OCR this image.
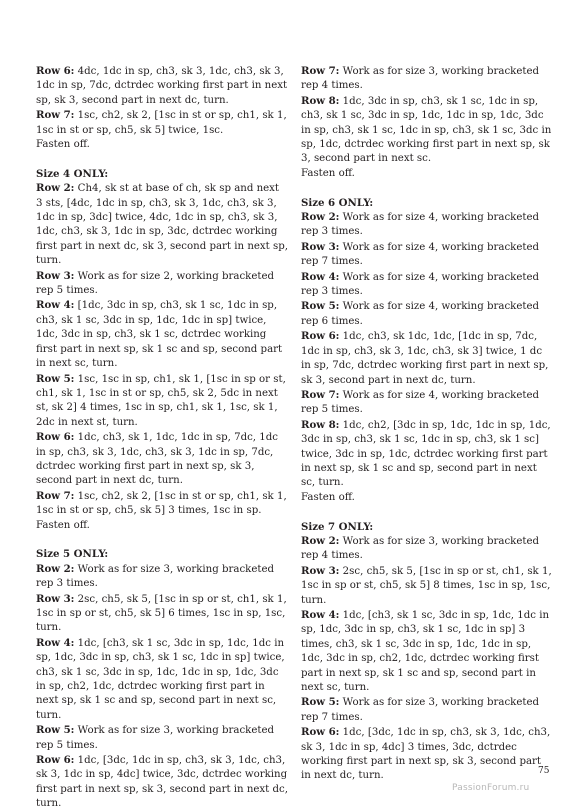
Row 6: 4dc, 1dc in sp, ch3, sk 3, 1dc, ch3, sk 3, 1dc in sp, 7dc, dctrdec working first part in next sp, sk 3, second part in next dc, turn.
Row 7: 1sc, ch2, sk 2, [1sc in st or sp, ch1, sk 1, 1sc in st or sp, ch5, sk 5] twice, 1sc.
Fasten off.
Size 4 ONLY:
Row 2: Ch4, sk st at base of ch, sk sp and next 3 sts, [4dc, 1dc in sp, ch3, sk 3, 1dc, ch3, sk 3, 1dc in sp, 3dc] twice, 4dc, 1dc in sp, ch3, sk 3, 1dc, ch3, sk 3, 1dc in sp, 3dc, dctrdec working first part in next dc, sk 3, second part in next sp, turn.
Row 3: Work as for size 2, working bracketed rep 5 times.
Row 4: [1dc, 3dc in sp, ch3, sk 1 sc, 1dc in sp, ch3, sk 1 sc, 3dc in sp, 1dc, 1dc in sp] twice, 1dc, 3dc in sp, ch3, sk 1 sc, dctrdec working first part in next sp, sk 1 sc and sp, second part in next sc, turn.
Row 5: 1sc, 1sc in sp, ch1, sk 1, [1sc in sp or st, ch1, sk 1, 1sc in st or sp, ch5, sk 2, 5dc in next st, sk 2] 4 times, 1sc in sp, ch1, sk 1, 1sc, sk 1, 2dc in next st, turn.
Row 6: 1dc, ch3, sk 1, 1dc, 1dc in sp, 7dc, 1dc in sp, ch3, sk 3, 1dc, ch3, sk 3, 1dc in sp, 7dc, dctrdec working first part in next sp, sk 3, second part in next dc, turn.
Row 7: 1sc, ch2, sk 2, [1sc in st or sp, ch1, sk 1, 1sc in st or sp, ch5, sk 5] 3 times, 1sc in sp.
Fasten off.
Size 5 ONLY:
Row 2: Work as for size 3, working bracketed rep 3 times.
Row 3: 2sc, ch5, sk 5, [1sc in sp or st, ch1, sk 1, 1sc in sp or st, ch5, sk 5] 6 times, 1sc in sp, 1sc, turn.
Row 4: 1dc, [ch3, sk 1 sc, 3dc in sp, 1dc, 1dc in sp, 1dc, 3dc in sp, ch3, sk 1 sc, 1dc in sp] twice, ch3, sk 1 sc, 3dc in sp, 1dc, 1dc in sp, 1dc, 3dc in sp, ch2, 1dc, dctrdec working first part in next sp, sk 1 sc and sp, second part in next sc, turn.
Row 5: Work as for size 3, working bracketed rep 5 times.
Row 6: 1dc, [3dc, 1dc in sp, ch3, sk 3, 1dc, ch3, sk 3, 1dc in sp, 4dc] twice, 3dc, dctrdec working first part in next sp, sk 3, second part in next dc, turn.
Row 7: Work as for size 3, working bracketed rep 4 times.
Row 8: 1dc, 3dc in sp, ch3, sk 1 sc, 1dc in sp, ch3, sk 1 sc, 3dc in sp, 1dc, 1dc in sp, 1dc, 3dc in sp, ch3, sk 1 sc, 1dc in sp, ch3, sk 1 sc, 3dc in sp, 1dc, dctrdec working first part in next sp, sk 3, second part in next sc.
Fasten off.
Size 6 ONLY:
Row 2: Work as for size 4, working bracketed rep 3 times.
Row 3: Work as for size 4, working bracketed rep 7 times.
Row 4: Work as for size 4, working bracketed rep 3 times.
Row 5: Work as for size 4, working bracketed rep 6 times.
Row 6: 1dc, ch3, sk 1dc, 1dc, [1dc in sp, 7dc, 1dc in sp, ch3, sk 3, 1dc, ch3, sk 3] twice, 1 dc in sp, 7dc, dctrdec working first part in next sp, sk 3, second part in next dc, turn.
Row 7: Work as for size 4, working bracketed rep 5 times.
Row 8: 1dc, ch2, [3dc in sp, 1dc, 1dc in sp, 1dc, 3dc in sp, ch3, sk 1 sc, 1dc in sp, ch3, sk 1 sc] twice, 3dc in sp, 1dc, dctrdec working first part in next sp, sk 1 sc and sp, second part in next sc, turn.
Fasten off.
Size 7 ONLY:
Row 2: Work as for size 3, working bracketed rep 4 times.
Row 3: 2sc, ch5, sk 5, [1sc in sp or st, ch1, sk 1, 1sc in sp or st, ch5, sk 5] 8 times, 1sc in sp, 1sc, turn.
Row 4: 1dc, [ch3, sk 1 sc, 3dc in sp, 1dc, 1dc in sp, 1dc, 3dc in sp, ch3, sk 1 sc, 1dc in sp] 3 times, ch3, sk 1 sc, 3dc in sp, 1dc, 1dc in sp, 1dc, 3dc in sp, ch2, 1dc, dctrdec working first part in next sp, sk 1 sc and sp, second part in next sc, turn.
Row 5: Work as for size 3, working bracketed rep 7 times.
Row 6: 1dc, [3dc, 1dc in sp, ch3, sk 3, 1dc, ch3, sk 3, 1dc in sp, 4dc] 3 times, 3dc, dctrdec working first part in next sp, sk 3, second part in next dc, turn.	75
PassionForum.ru
